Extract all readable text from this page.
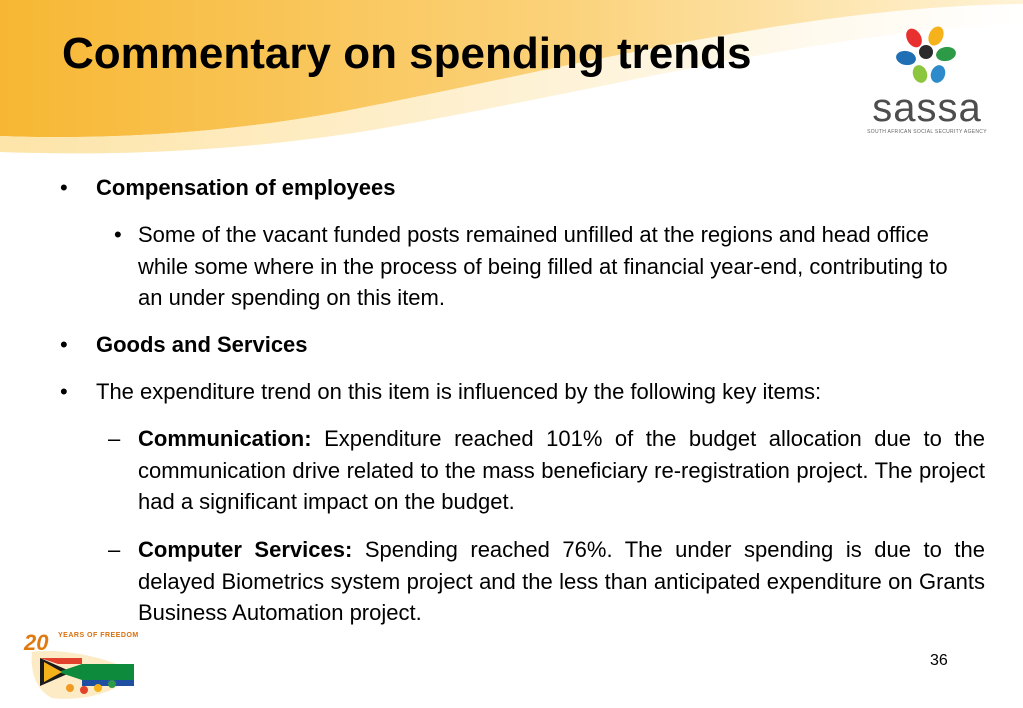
Commentary on spending trends
sassa
SOUTH AFRICAN SOCIAL SECURITY AGENCY
• Compensation of employees
• Some of the vacant funded posts remained unfilled at the regions and head office while some where in the process of being filled at financial year-end, contributing to an under spending on this item.
• Goods and Services
• The expenditure trend on this item is influenced by the following key items:
– Communication: Expenditure reached 101% of the budget allocation due to the communication drive related to the mass beneficiary re-registration project. The project had a significant impact on the budget.
– Computer Services: Spending reached 76%. The under spending is due to the delayed Biometrics system project and the less than anticipated expenditure on Grants Business Automation project.
20 YEARS OF FREEDOM
36
